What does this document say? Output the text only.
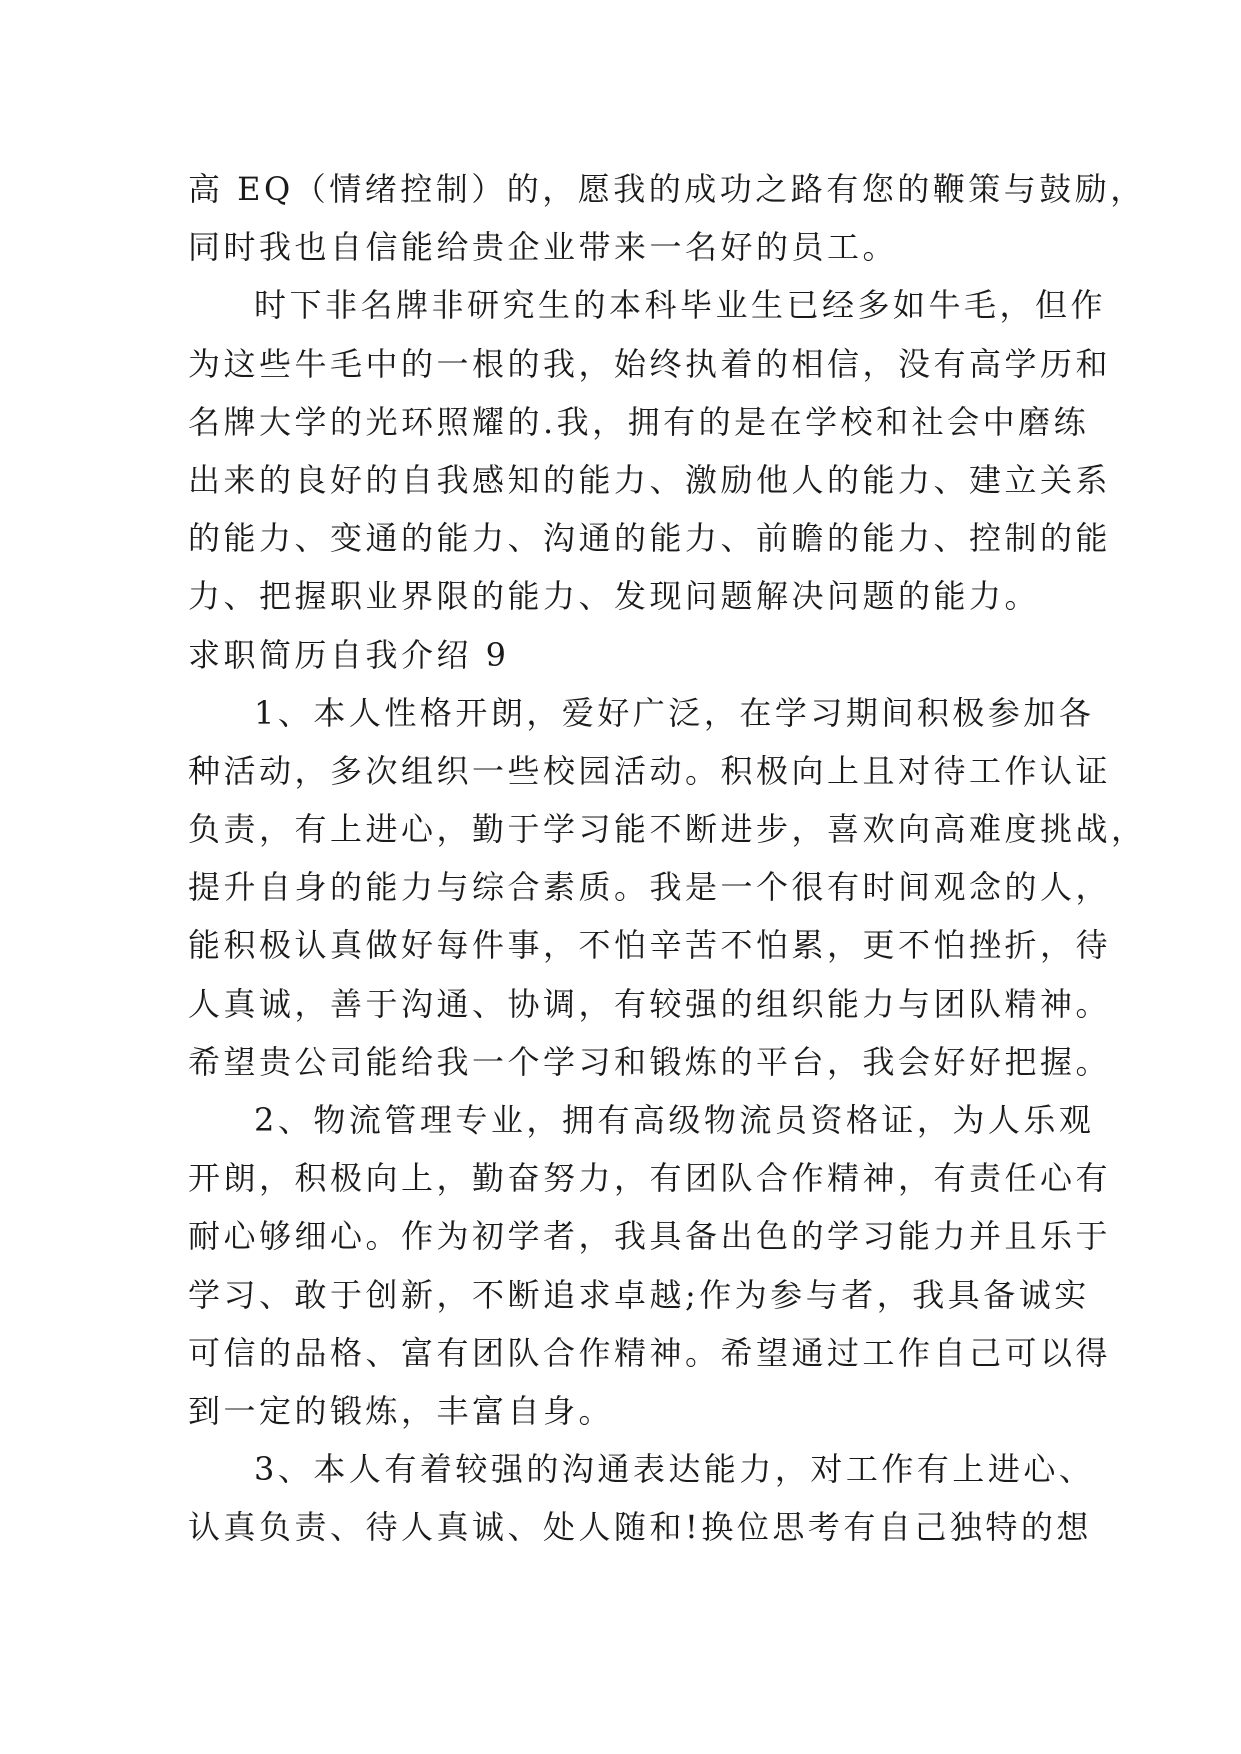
高 EQ（情绪控制）的，愿我的成功之路有您的鞭策与鼓励，
同时我也自信能给贵企业带来一名好的员工。
时下非名牌非研究生的本科毕业生已经多如牛毛，但作
为这些牛毛中的一根的我，始终执着的相信，没有高学历和
名牌大学的光环照耀的.我，拥有的是在学校和社会中磨练
出来的良好的自我感知的能力、激励他人的能力、建立关系
的能力、变通的能力、沟通的能力、前瞻的能力、控制的能
力、把握职业界限的能力、发现问题解决问题的能力。
求职简历自我介绍 9
1、本人性格开朗，爱好广泛，在学习期间积极参加各
种活动，多次组织一些校园活动。积极向上且对待工作认证
负责，有上进心，勤于学习能不断进步，喜欢向高难度挑战，
提升自身的能力与综合素质。我是一个很有时间观念的人，
能积极认真做好每件事，不怕辛苦不怕累，更不怕挫折，待
人真诚，善于沟通、协调，有较强的组织能力与团队精神。
希望贵公司能给我一个学习和锻炼的平台，我会好好把握。
2、物流管理专业，拥有高级物流员资格证，为人乐观
开朗，积极向上，勤奋努力，有团队合作精神，有责任心有
耐心够细心。作为初学者，我具备出色的学习能力并且乐于
学习、敢于创新，不断追求卓越;作为参与者，我具备诚实
可信的品格、富有团队合作精神。希望通过工作自己可以得
到一定的锻炼，丰富自身。
3、本人有着较强的沟通表达能力，对工作有上进心、
认真负责、待人真诚、处人随和!换位思考有自己独特的想
